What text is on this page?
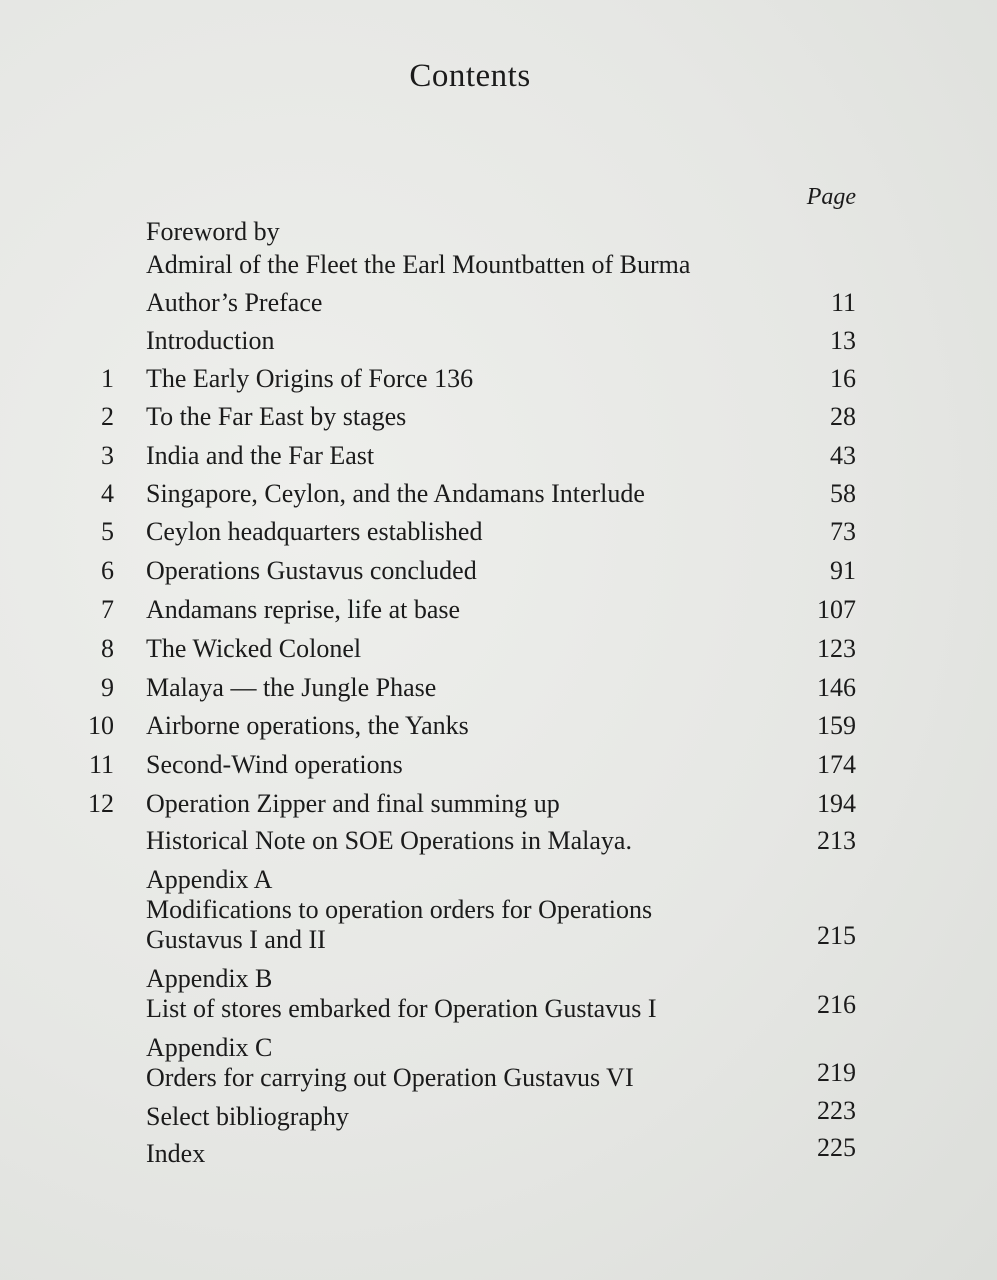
Contents
Page
Foreword by
Admiral of the Fleet the Earl Mountbatten of Burma
Author’s Preface	11
Introduction	13
1 The Early Origins of Force 136	16
2 To the Far East by stages	28
3 India and the Far East	43
4 Singapore, Ceylon, and the Andamans Interlude	58
5 Ceylon headquarters established	73
6 Operations Gustavus concluded	91
7 Andamans reprise, life at base	107
8 The Wicked Colonel	123
9 Malaya — the Jungle Phase	146
10 Airborne operations, the Yanks	159
11 Second-Wind operations	174
12 Operation Zipper and final summing up	194
Historical Note on SOE Operations in Malaya.	213
Appendix A
Modifications to operation orders for Operations
Gustavus I and II	215
Appendix B
List of stores embarked for Operation Gustavus I	216
Appendix C
Orders for carrying out Operation Gustavus VI	219
Select bibliography	223
Index	225
